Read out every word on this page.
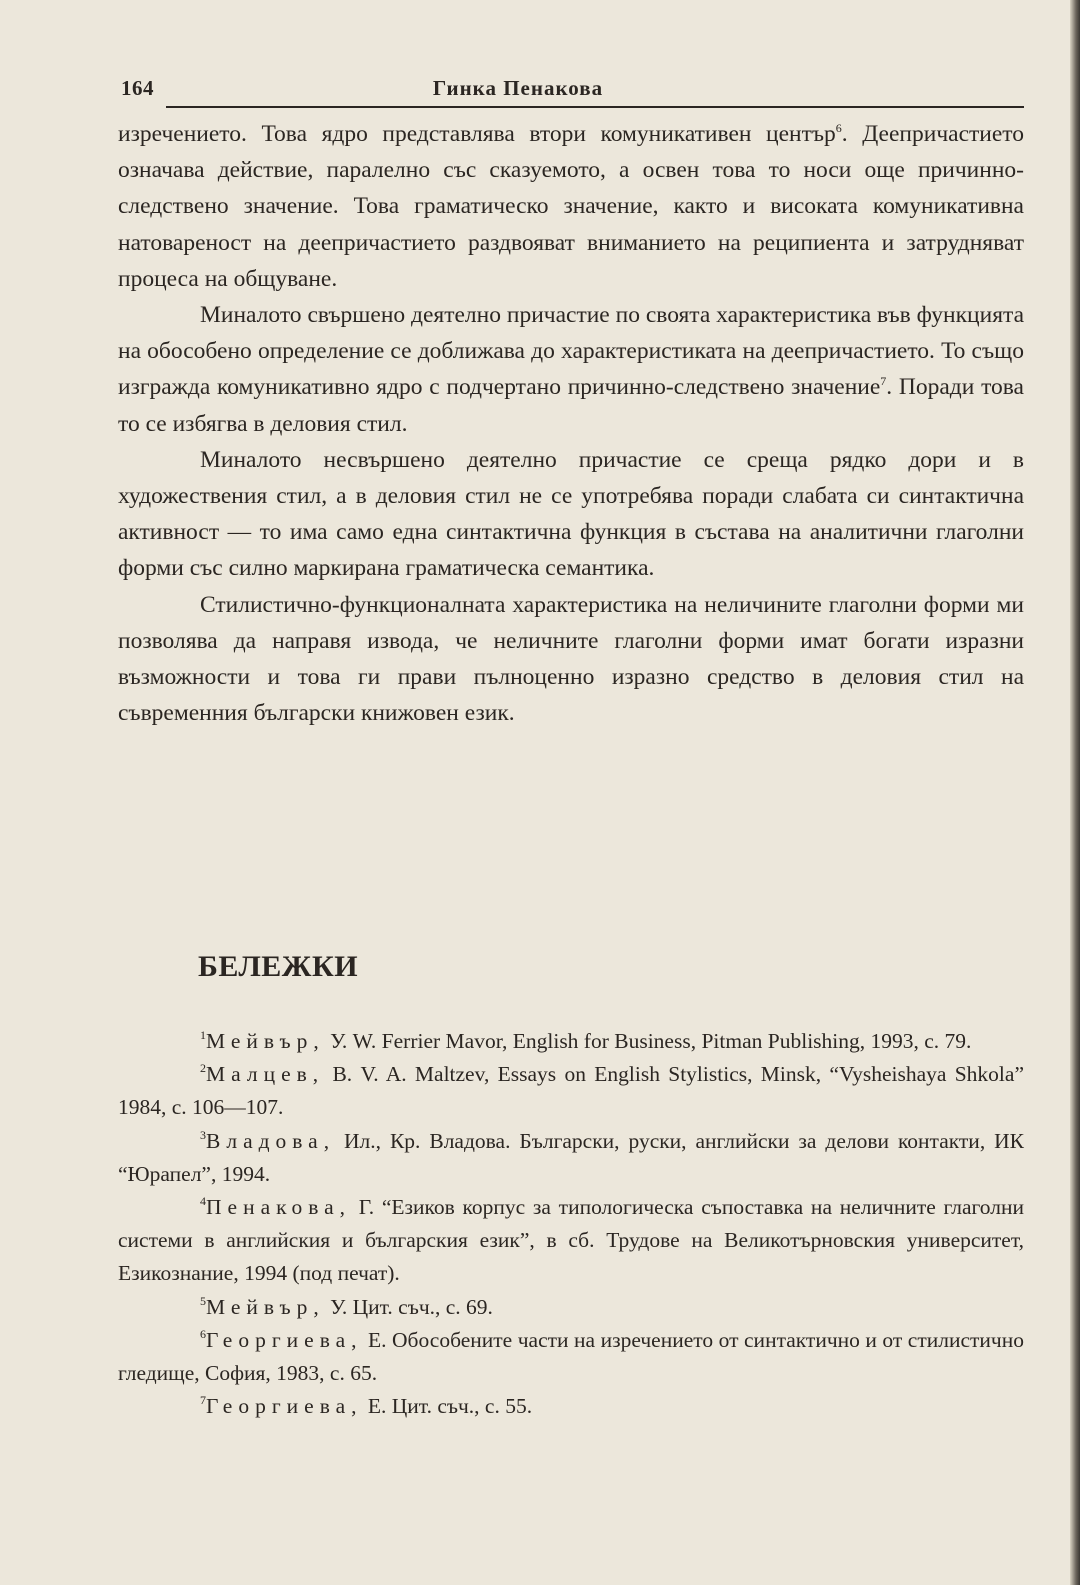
164	Гинка Пенакова

изречението. Това ядро представлява втори комуникативен център$^6$. Деепричастието означава действие, паралелно със сказуемото, а освен това то носи още причинно-следствено значение. Това граматическо значение, както и високата комуникативна натоваpеност на деепричастието раздвояват вниманието на реципиента и затрудняват процеса на общуване.

Миналото свършено деятелно причастие по своята характеристика във функцията на обособено определение се доближава до характеристиката на деепричастието. То също изгражда комуникативно ядро с подчертано причинно-следствено значение$^7$. Поради това то се избягва в деловия стил.

Миналото несвършено деятелно причастие се среща рядко дори и в художествения стил, а в деловия стил не се употребява поради слабата си синтактична активност — то има само една синтактична функция в състава на аналитични глаголни форми със силно маркирана граматическа семантика.

Стилистично-функционалната характеристика на неличините глаголни форми ми позволява да направя извода, че неличните глаголни форми имат богати изразни възможности и това ги прави пълноценно изразно средство в деловия стил на съвременния български книжовен език.

БЕЛЕЖКИ

$^1$Мейвър, У. W. Ferrier Mavor, English for Business, Pitman Publishing, 1993, с. 79.

$^2$Малцев, В. V. A. Maltzev, Essays on English Stylistics, Minsk, “Vysheishaya Shkola” 1984, с. 106—107.

$^3$Владова, Ил., Кр. Владова. Български, руски, английски за делови контакти, ИК “Юрапел”, 1994.

$^4$Пенакова, Г. “Езиков корпус за типологическа съпоставка на неличните глаголни системи в английския и българския език”, в сб. Трудове на Великотърновския университет, Езикознание, 1994 (под печат).

$^5$Мейвър, У. Цит. съч., с. 69.

$^6$Георгиева, Е. Обособените части на изречението от синтактично и от стилистично гледище, София, 1983, с. 65.

$^7$Георгиева, Е. Цит. съч., с. 55.
